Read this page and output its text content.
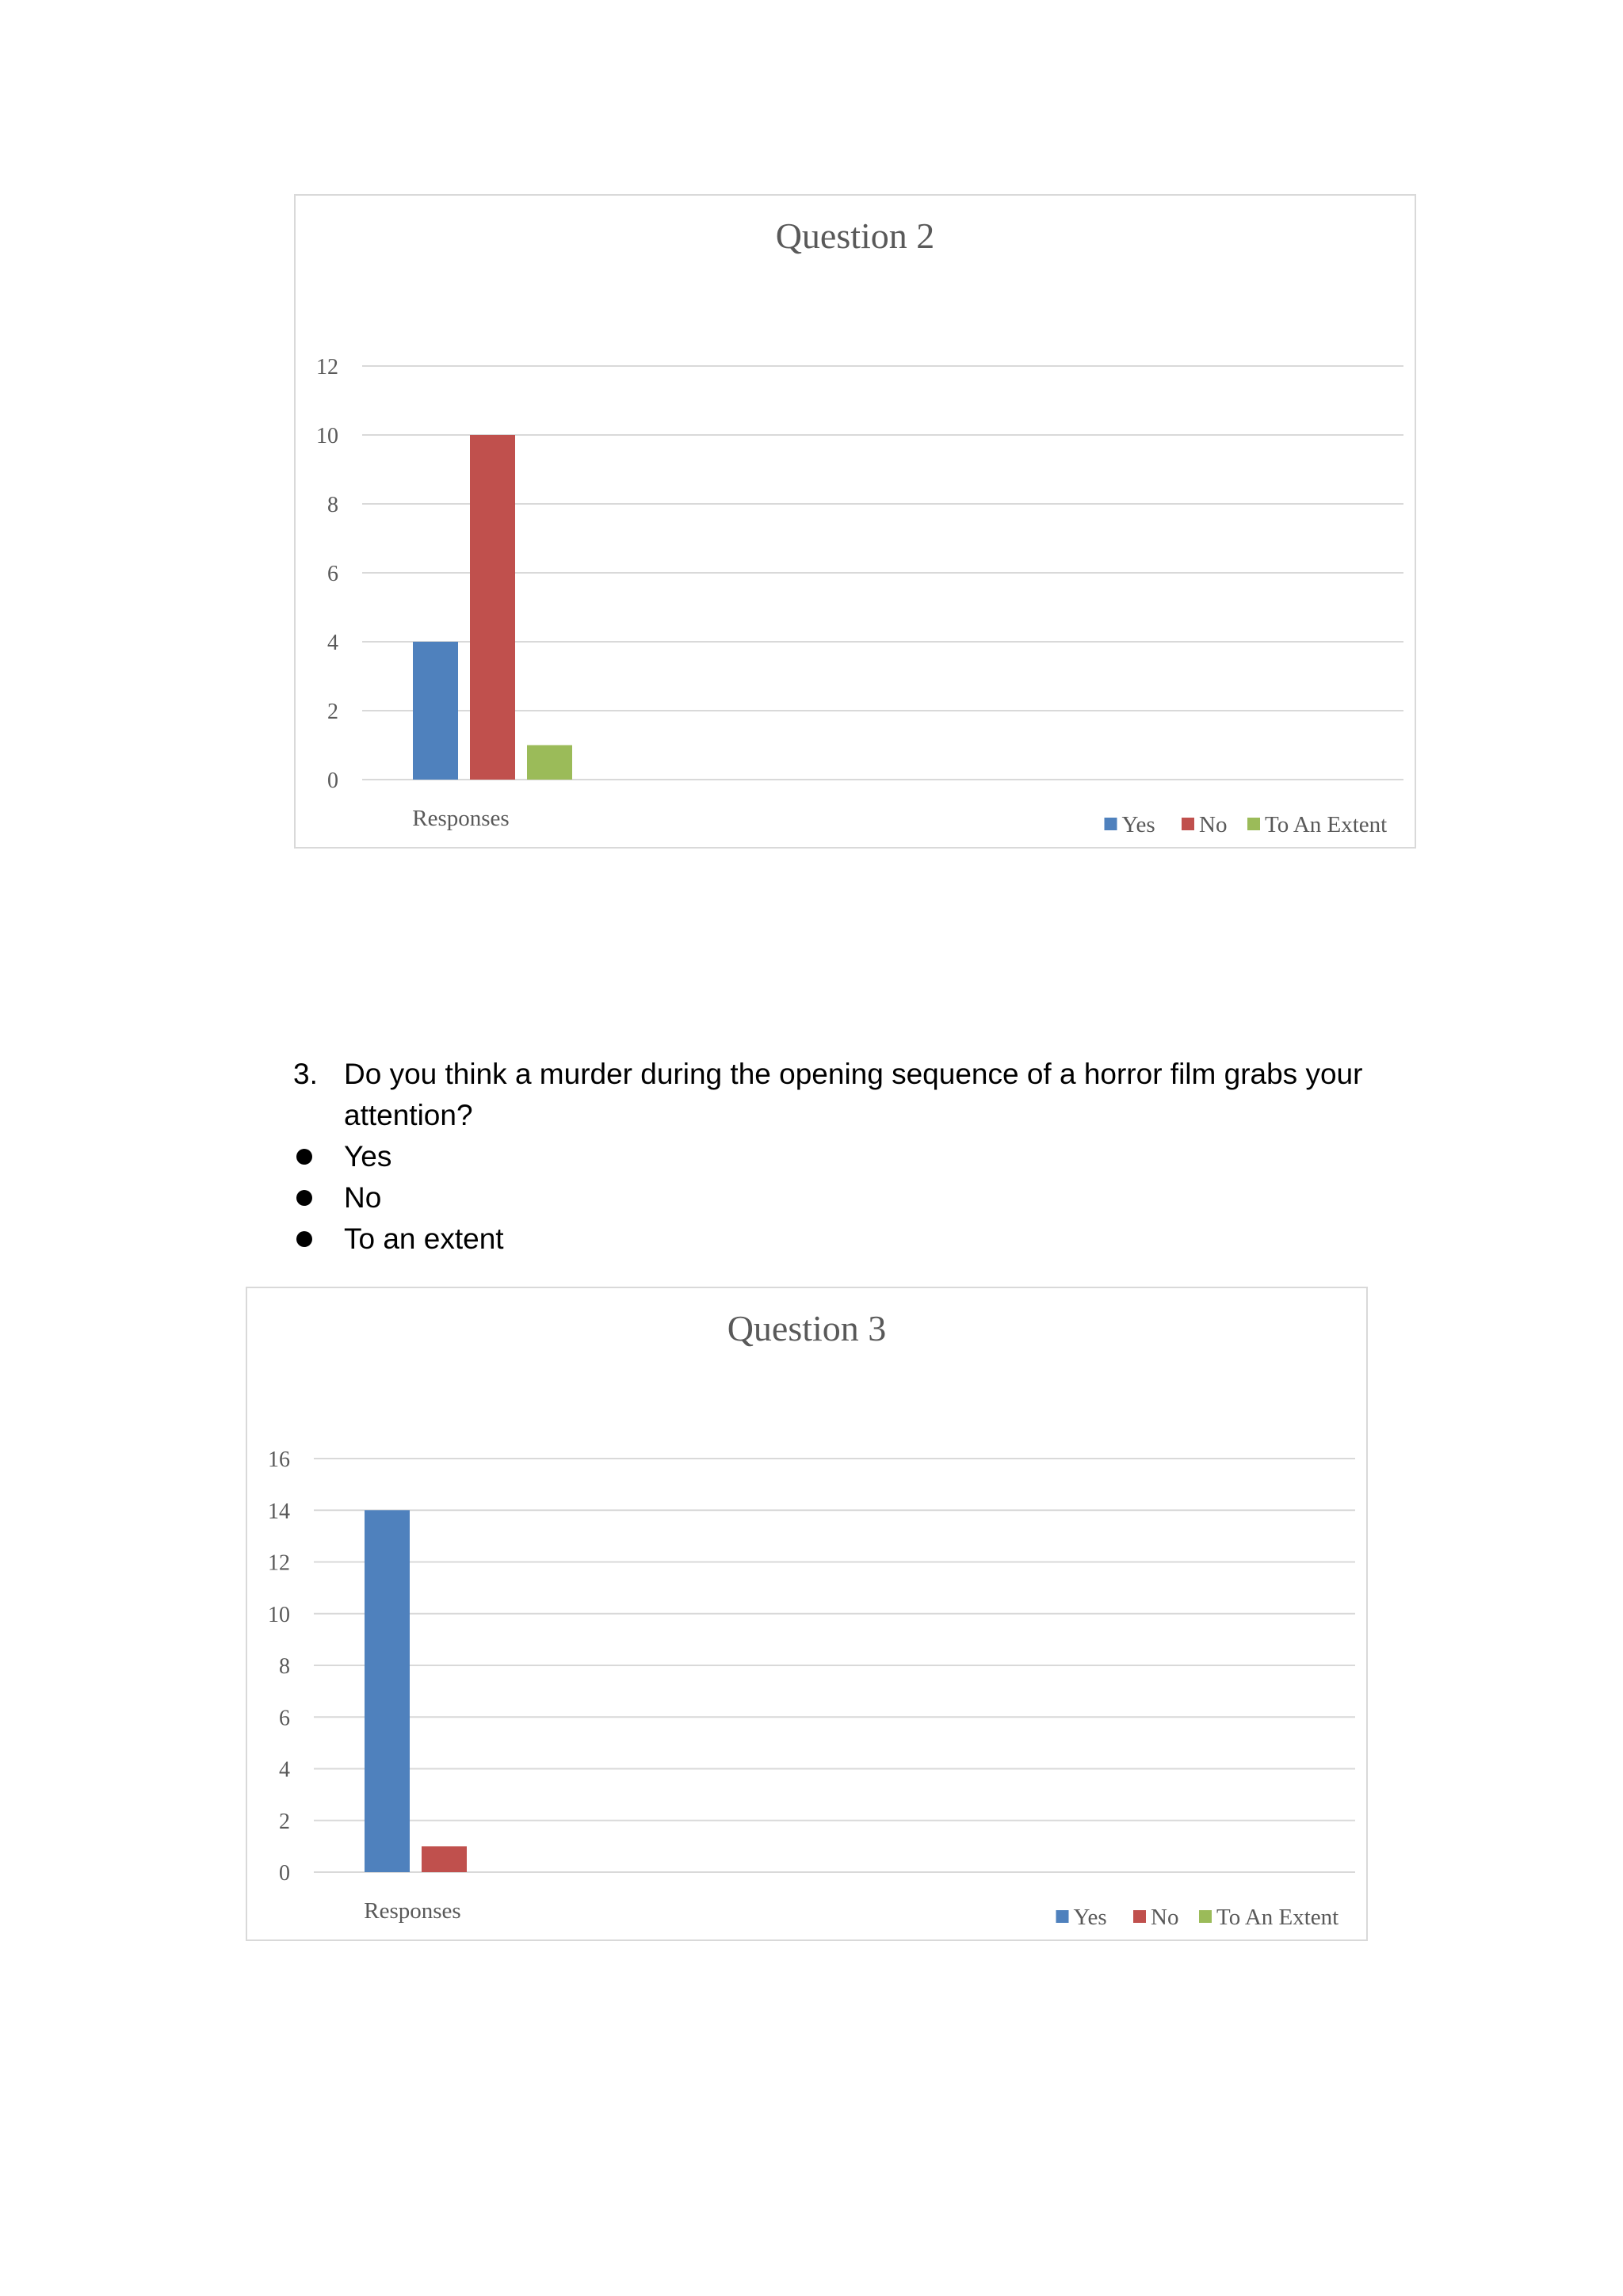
Question 2
0
2
4
6
8
10
12
Responses	Yes No To An Extent
3. Do you think a murder during the opening sequence of a horror film grabs your attention?
Yes
No
To an extent
Question 3
0
2
4
6
8
10
12
14
16
Responses	Yes No To An Extent
